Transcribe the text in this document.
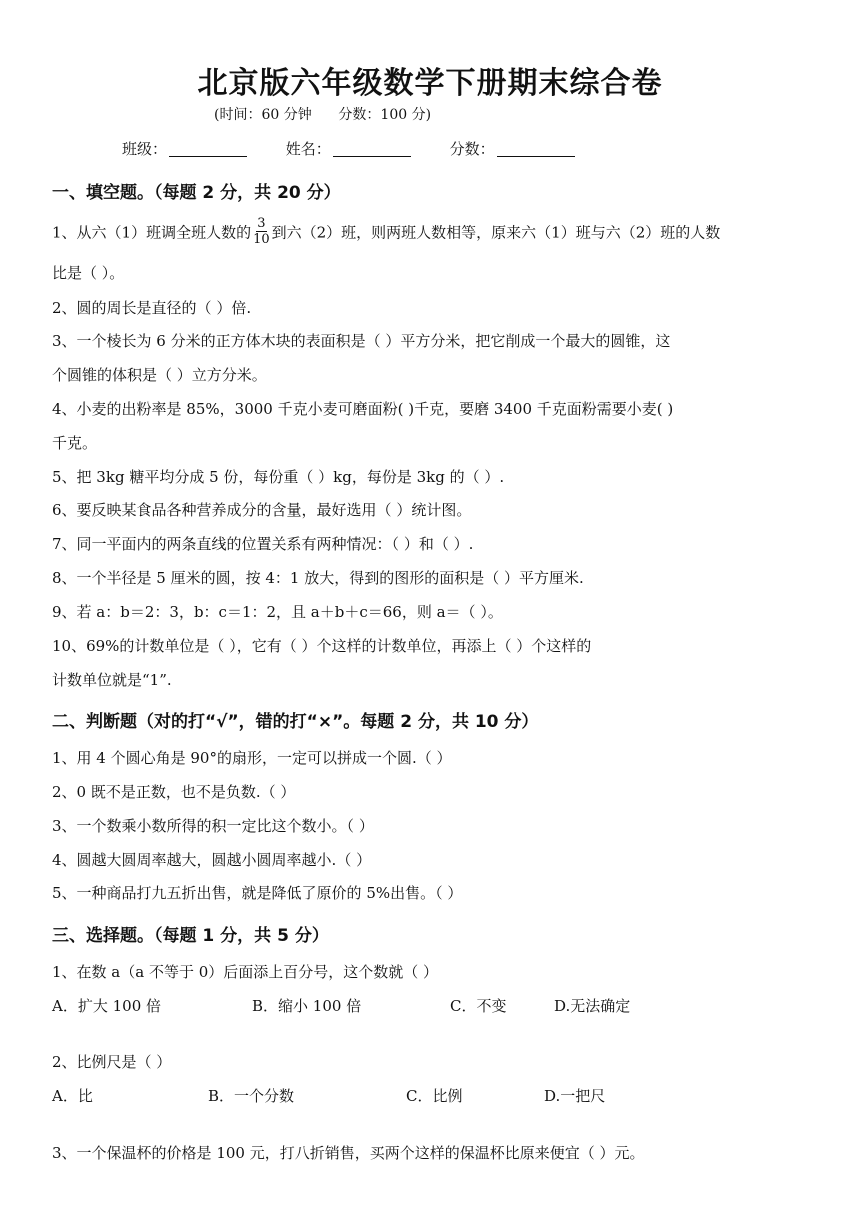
北京版六年级数学下册期末综合卷
(时间：60 分钟      分数：100 分)
班级：	姓名：	分数：
一、填空题。（每题 2 分，共 20 分）
1、从六（1）班调全班人数的 $\frac{3}{10}$ 到六（2）班，则两班人数相等，原来六（1）班与六（2）班的人数
比是（ ）。
2、圆的周长是直径的（ ）倍.
3、一个棱长为 6 分米的正方体木块的表面积是（ ）平方分米，把它削成一个最大的圆锥，这
个圆锥的体积是（ ）立方分米。
4、小麦的出粉率是 85%，3000 千克小麦可磨面粉( )千克，要磨 3400 千克面粉需要小麦( )
千克。
5、把 3kg 糖平均分成 5 份，每份重（ ）kg，每份是 3kg 的（ ）.
6、要反映某食品各种营养成分的含量，最好选用（ ）统计图。
7、同一平面内的两条直线的位置关系有两种情况：（ ）和（ ）.
8、一个半径是 5 厘米的圆，按 4：1 放大，得到的图形的面积是（ ）平方厘米.
9、若 a：b＝2：3，b：c＝1：2，且 a＋b＋c＝66，则 a＝（ ）。
10、69%的计数单位是（ ），它有（ ）个这样的计数单位，再添上（ ）个这样的
计数单位就是“1”.
二、判断题（对的打“√”，错的打“×”。每题 2 分，共 10 分）
1、用 4 个圆心角是 90°的扇形，一定可以拼成一个圆.（ ）
2、0 既不是正数，也不是负数.（ ）
3、一个数乘小数所得的积一定比这个数小。（ ）
4、圆越大圆周率越大，圆越小圆周率越小.（ ）
5、一种商品打九五折出售，就是降低了原价的 5%出售。（ ）
三、选择题。（每题 1 分，共 5 分）
1、在数 a（a 不等于 0）后面添上百分号，这个数就（ ）
A．扩大 100 倍	B．缩小 100 倍	C．不变	D.无法确定
2、比例尺是（ ）
A．比	B．一个分数	C．比例	D.一把尺
3、一个保温杯的价格是 100 元，打八折销售，买两个这样的保温杯比原来便宜（ ）元。
